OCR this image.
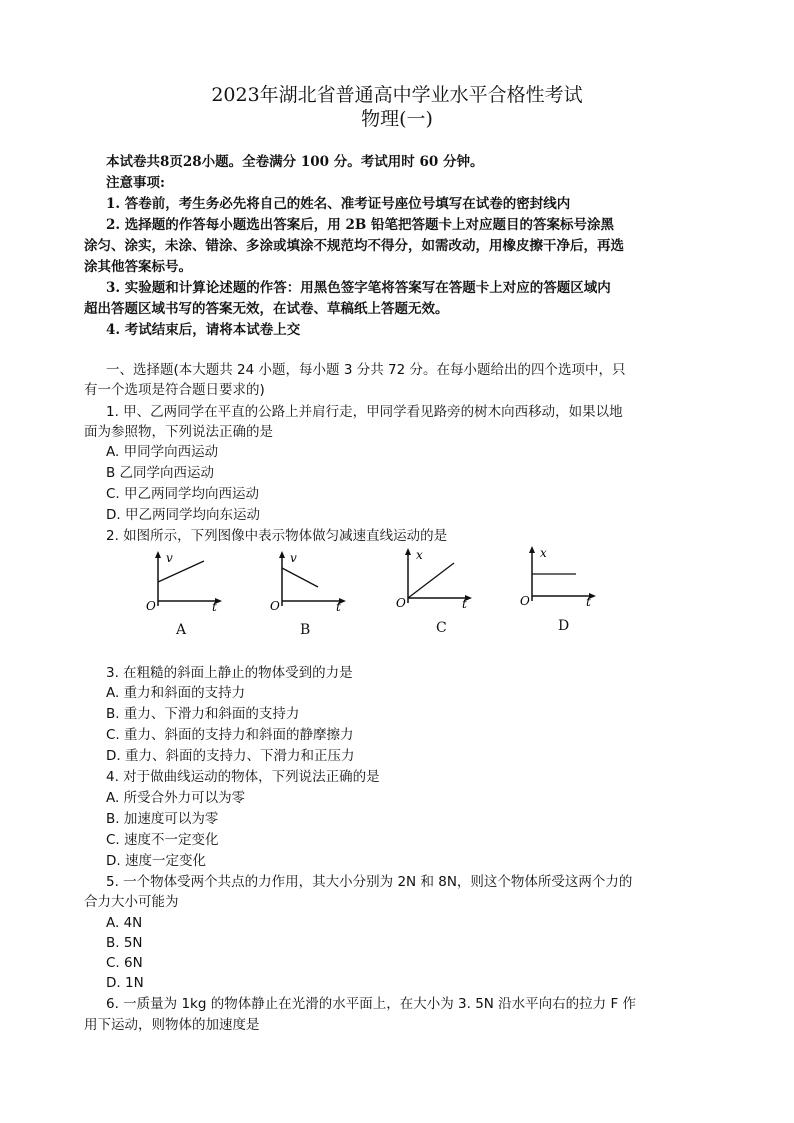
2023年湖北省普通高中学业水平合格性考试
物理(一)
本试卷共8页28小题。全卷满分 100 分。考试用时 60 分钟。
注意事项:
1. 答卷前，考生务必先将自己的姓名、准考证号座位号填写在试卷的密封线内
2. 选择题的作答每小题选出答案后，用 2B 铅笔把答题卡上对应题目的答案标号涂黑
涂匀、涂实，未涂、错涂、多涂或填涂不规范均不得分，如需改动，用橡皮擦干净后，再选
涂其他答案标号。
3. 实验题和计算论述题的作答：用黑色签字笔将答案写在答题卡上对应的答题区域内
超出答题区域书写的答案无效，在试卷、草稿纸上答题无效。
4. 考试结束后，请将本试卷上交
一、选择题(本大题共 24 小题，每小题 3 分共 72 分。在每小题给出的四个选项中，只
有一个选项是符合题日要求的)
1. 甲、乙两同学在平直的公路上并肩行走，甲同学看见路旁的树木向西移动，如果以地
面为参照物，下列说法正确的是
A. 甲同学向西运动
B 乙同学向西运动
C. 甲乙两同学均向西运动
D. 甲乙两同学均向东运动
2. 如图所示，下列图像中表示物体做匀减速直线运动的是
v
t
O
A
v
t
O
B
x
t
O
C
x
t
O
D
3. 在粗糙的斜面上静止的物体受到的力是
A. 重力和斜面的支持力
B. 重力、下滑力和斜面的支持力
C. 重力、斜面的支持力和斜面的静摩擦力
D. 重力、斜面的支持力、下滑力和正压力
4. 对于做曲线运动的物体，下列说法正确的是
A. 所受合外力可以为零
B. 加速度可以为零
C. 速度不一定变化
D. 速度一定变化
5. 一个物体受两个共点的力作用，其大小分别为 2N 和 8N，则这个物体所受这两个力的
合力大小可能为
A. 4N
B. 5N
C. 6N
D. 1N
6. 一质量为 1kg 的物体静止在光滑的水平面上，在大小为 3. 5N 沿水平向右的拉力 F 作
用下运动，则物体的加速度是
